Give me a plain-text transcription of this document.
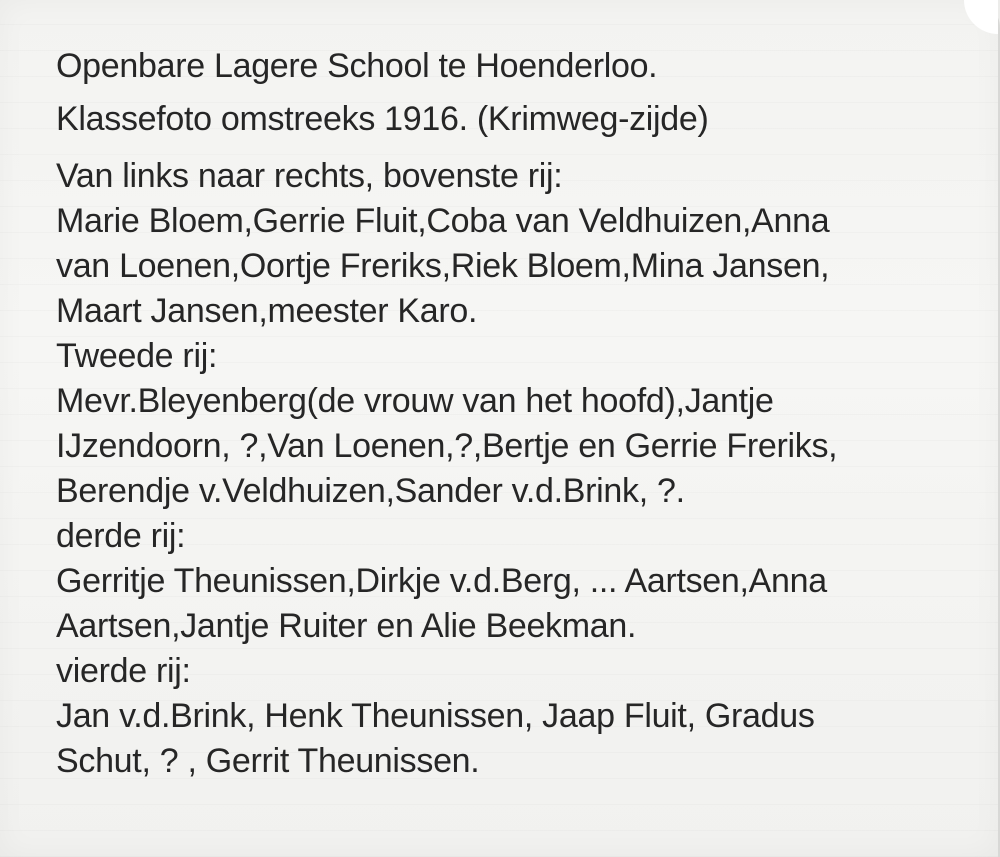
Openbare Lagere School te Hoenderloo.
Klassefoto omstreeks 1916. (Krimweg-zijde)
Van links naar rechts, bovenste rij:
Marie Bloem,Gerrie Fluit,Coba van Veldhuizen,Anna
van Loenen,Oortje Freriks,Riek Bloem,Mina Jansen,
Maart Jansen,meester Karo.
Tweede rij:
Mevr.Bleyenberg(de vrouw van het hoofd),Jantje
IJzendoorn, ?,Van Loenen,?,Bertje en Gerrie Freriks,
Berendje v.Veldhuizen,Sander v.d.Brink, ?.
derde rij:
Gerritje Theunissen,Dirkje v.d.Berg, ... Aartsen,Anna
Aartsen,Jantje Ruiter en Alie Beekman.
vierde rij:
Jan v.d.Brink, Henk Theunissen, Jaap Fluit, Gradus
Schut, ? , Gerrit Theunissen.
